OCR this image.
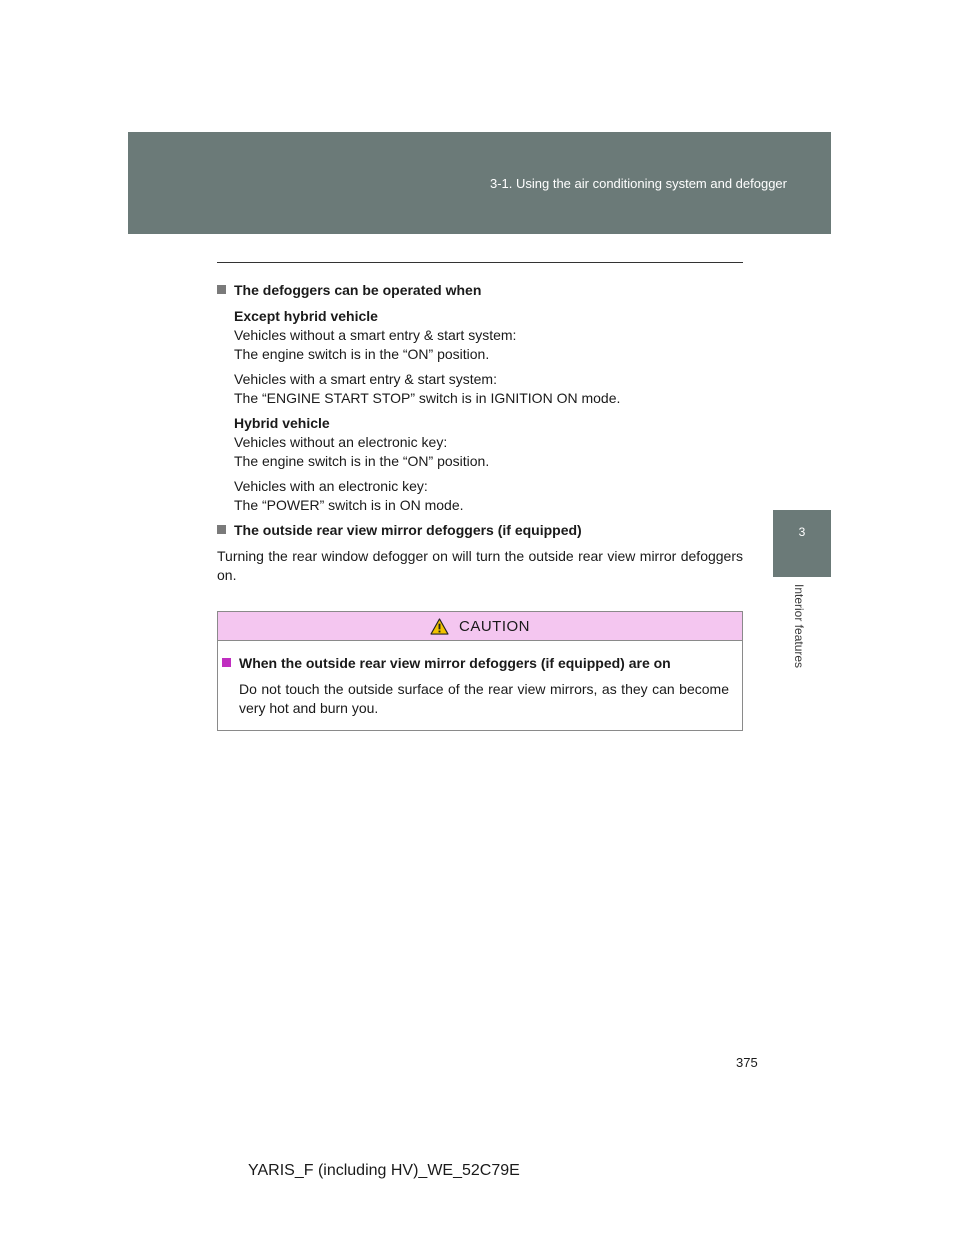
3-1. Using the air conditioning system and defogger
3
Interior features
The defoggers can be operated when
Except hybrid vehicle
Vehicles without a smart entry & start system:
The engine switch is in the “ON” position.
Vehicles with a smart entry & start system:
The “ENGINE START STOP” switch is in IGNITION ON mode.
Hybrid vehicle
Vehicles without an electronic key:
The engine switch is in the “ON” position.
Vehicles with an electronic key:
The “POWER” switch is in ON mode.
The outside rear view mirror defoggers (if equipped)
Turning the rear window defogger on will turn the outside rear view mirror defoggers on.
CAUTION
When the outside rear view mirror defoggers (if equipped) are on
Do not touch the outside surface of the rear view mirrors, as they can become very hot and burn you.
375
YARIS_F (including HV)_WE_52C79E
